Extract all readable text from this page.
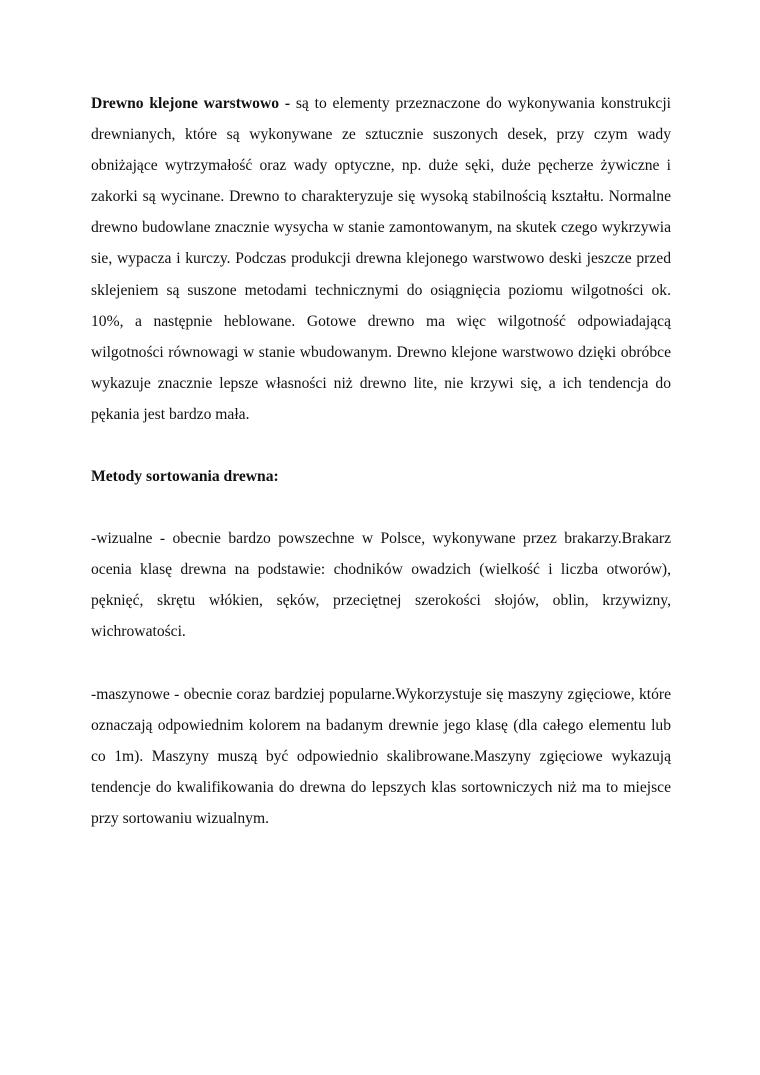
Drewno klejone warstwowo - są to elementy przeznaczone do wykonywania konstrukcji drewnianych, które są wykonywane ze sztucznie suszonych desek, przy czym wady obniżające wytrzymałość oraz wady optyczne, np. duże sęki, duże pęcherze żywiczne i zakorki są wycinane. Drewno to charakteryzuje się wysoką stabilnością kształtu. Normalne drewno budowlane znacznie wysycha w stanie zamontowanym, na skutek czego wykrzywia sie, wypacza i kurczy. Podczas produkcji drewna klejonego warstwowo deski jeszcze przed sklejeniem są suszone metodami technicznymi do osiągnięcia poziomu wilgotności ok. 10%, a następnie heblowane. Gotowe drewno ma więc wilgotność odpowiadającą wilgotności równowagi w stanie wbudowanym. Drewno klejone warstwowo dzięki obróbce wykazuje znacznie lepsze własności niż drewno lite, nie krzywi się, a ich tendencja do pękania jest bardzo mała.

Metody sortowania drewna:

-wizualne - obecnie bardzo powszechne w Polsce, wykonywane przez brakarzy.Brakarz ocenia klasę drewna na podstawie: chodników owadzich (wielkość i liczba otworów), pęknięć, skrętu włókien, sęków, przeciętnej szerokości słojów, oblin, krzywizny, wichrowatości.

-maszynowe - obecnie coraz bardziej popularne.Wykorzystuje się maszyny zgięciowe, które oznaczają odpowiednim kolorem na badanym drewnie jego klasę (dla całego elementu lub co 1m). Maszyny muszą być odpowiednio skalibrowane.Maszyny zgięciowe wykazują tendencje do kwalifikowania do drewna do lepszych klas sortowniczych niż ma to miejsce przy sortowaniu wizualnym.
